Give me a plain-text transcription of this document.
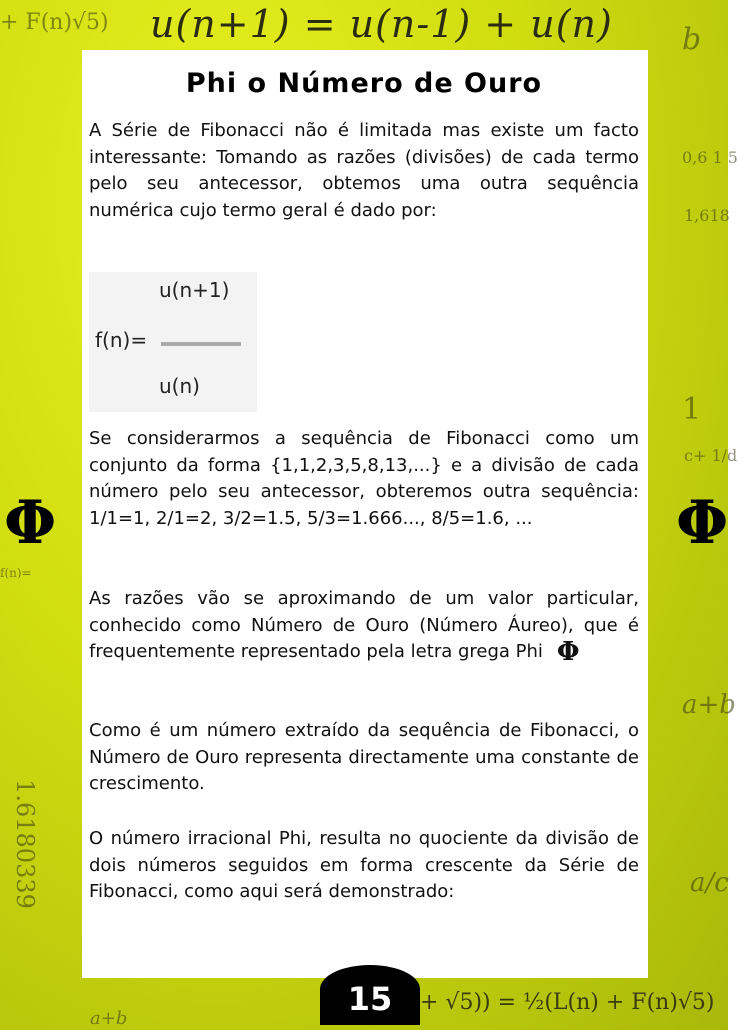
+ F(n)√5)	b
0,6 1 5
1,618
1
c+ 1/d
f(n)=
a+b
1.6180339	a/c
a+b
u(n+1) = u(n-1) + u(n)
+ √5)) = ½(L(n) + F(n)√5)
Φ	Φ
Phi o Número de Ouro

A Série de Fibonacci não é limitada mas existe um facto interessante: Tomando as razões (divisões) de cada termo pelo seu antecessor, obtemos uma outra sequência numérica cujo termo geral é dado por:

u(n+1)
f(n)=
u(n)

Se considerarmos a sequência de Fibonacci como um conjunto da forma {1,1,2,3,5,8,13,...} e a divisão de cada número pelo seu antecessor, obteremos outra sequência: 1/1=1, 2/1=2, 3/2=1.5, 5/3=1.666..., 8/5=1.6, ...

As razões vão se aproximando de um valor particular, conhecido como Número de Ouro (Número Áureo), que é frequentemente representado pela letra grega Phi Φ

Como é um número extraído da sequência de Fibonacci, o Número de Ouro representa directamente uma constante de crescimento.

O número irracional Phi, resulta no quociente da divisão de dois números seguidos em forma crescente da Série de Fibonacci, como aqui será demonstrado:

15
